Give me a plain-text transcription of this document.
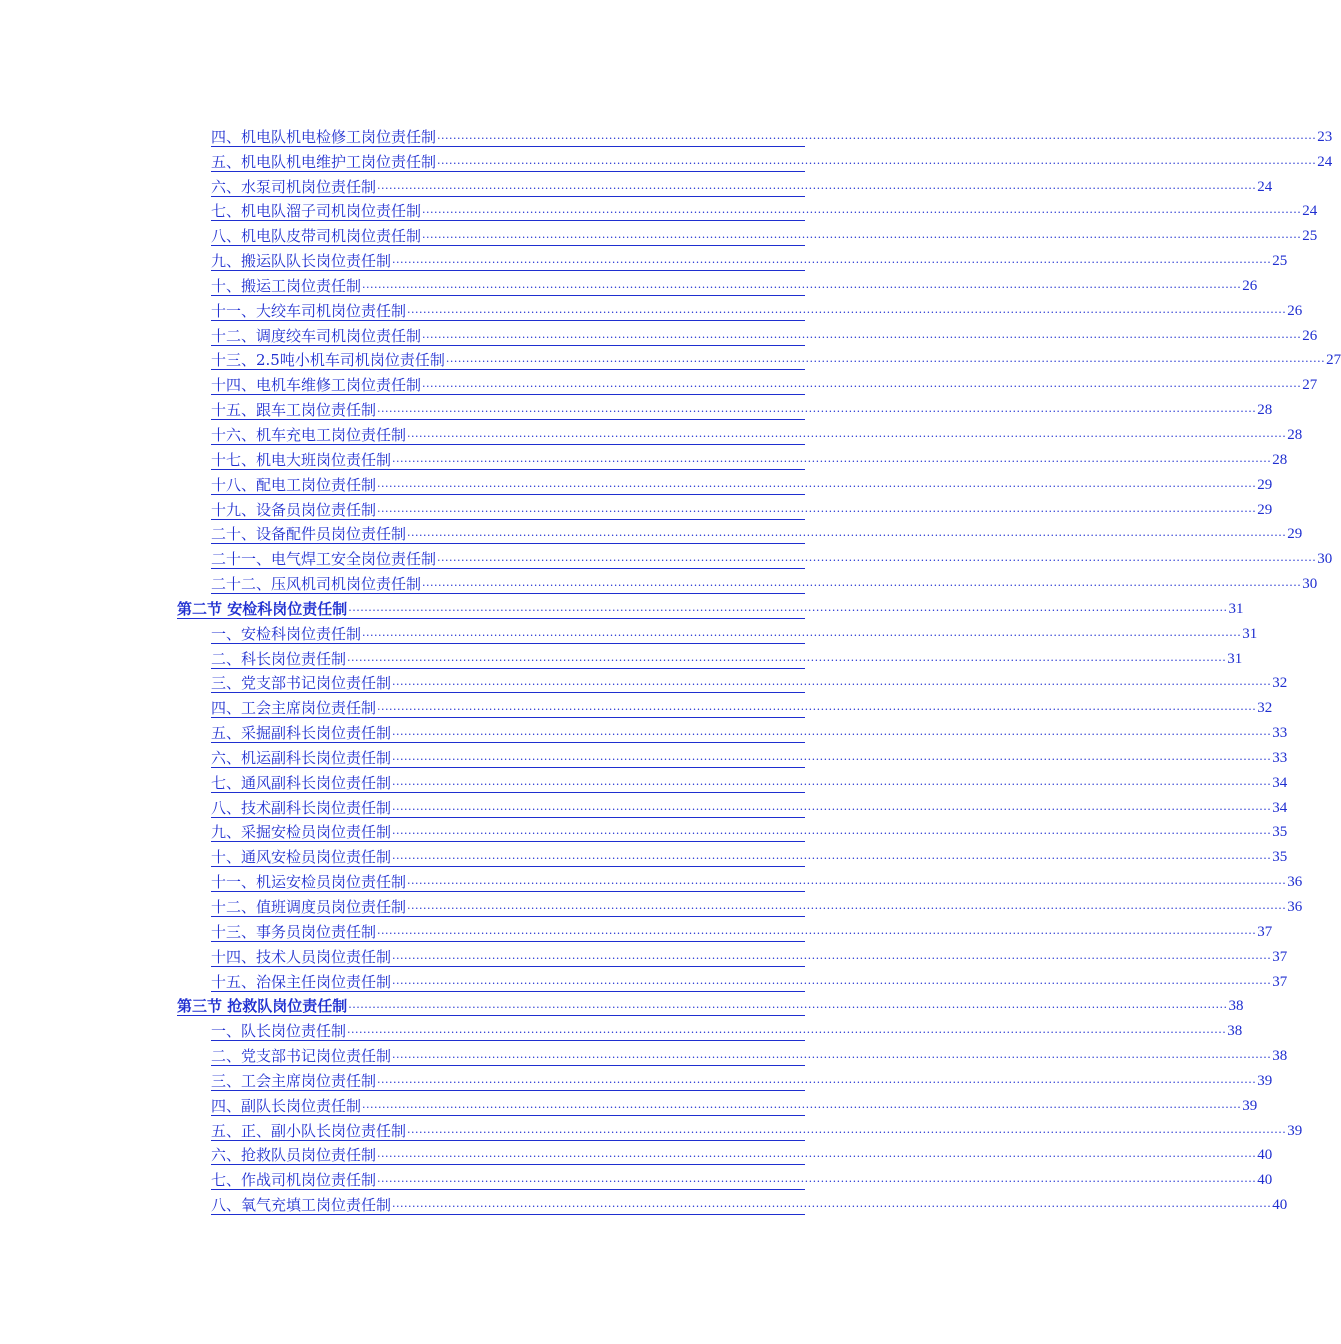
四、机电队机电检修工岗位责任制 ............................................................................................................................................................................................................................ 23
五、机电队机电维护工岗位责任制 ............................................................................................................................................................................................................................ 24
六、水泵司机岗位责任制 ............................................................................................................................................................................................................................ 24
七、机电队溜子司机岗位责任制 ............................................................................................................................................................................................................................ 24
八、机电队皮带司机岗位责任制 ............................................................................................................................................................................................................................ 25
九、搬运队队长岗位责任制 ............................................................................................................................................................................................................................ 25
十、搬运工岗位责任制 ............................................................................................................................................................................................................................ 26
十一、大绞车司机岗位责任制 ............................................................................................................................................................................................................................ 26
十二、调度绞车司机岗位责任制 ............................................................................................................................................................................................................................ 26
十三、2.5吨小机车司机岗位责任制 ............................................................................................................................................................................................................................ 27
十四、电机车维修工岗位责任制 ............................................................................................................................................................................................................................ 27
十五、跟车工岗位责任制 ............................................................................................................................................................................................................................ 28
十六、机车充电工岗位责任制 ............................................................................................................................................................................................................................ 28
十七、机电大班岗位责任制 ............................................................................................................................................................................................................................ 28
十八、配电工岗位责任制 ............................................................................................................................................................................................................................ 29
十九、设备员岗位责任制 ............................................................................................................................................................................................................................ 29
二十、设备配件员岗位责任制 ............................................................................................................................................................................................................................ 29
二十一、电气焊工安全岗位责任制 ............................................................................................................................................................................................................................ 30
二十二、压风机司机岗位责任制 ............................................................................................................................................................................................................................ 30
第二节 安检科岗位责任制 ............................................................................................................................................................................................................................ 31
一、安检科岗位责任制 ............................................................................................................................................................................................................................ 31
二、科长岗位责任制 ............................................................................................................................................................................................................................ 31
三、党支部书记岗位责任制 ............................................................................................................................................................................................................................ 32
四、工会主席岗位责任制 ............................................................................................................................................................................................................................ 32
五、采掘副科长岗位责任制 ............................................................................................................................................................................................................................ 33
六、机运副科长岗位责任制 ............................................................................................................................................................................................................................ 33
七、通风副科长岗位责任制 ............................................................................................................................................................................................................................ 34
八、技术副科长岗位责任制 ............................................................................................................................................................................................................................ 34
九、采掘安检员岗位责任制 ............................................................................................................................................................................................................................ 35
十、通风安检员岗位责任制 ............................................................................................................................................................................................................................ 35
十一、机运安检员岗位责任制 ............................................................................................................................................................................................................................ 36
十二、值班调度员岗位责任制 ............................................................................................................................................................................................................................ 36
十三、事务员岗位责任制 ............................................................................................................................................................................................................................ 37
十四、技术人员岗位责任制 ............................................................................................................................................................................................................................ 37
十五、治保主任岗位责任制 ............................................................................................................................................................................................................................ 37
第三节 抢救队岗位责任制 ............................................................................................................................................................................................................................ 38
一、队长岗位责任制 ............................................................................................................................................................................................................................ 38
二、党支部书记岗位责任制 ............................................................................................................................................................................................................................ 38
三、工会主席岗位责任制 ............................................................................................................................................................................................................................ 39
四、副队长岗位责任制 ............................................................................................................................................................................................................................ 39
五、正、副小队长岗位责任制 ............................................................................................................................................................................................................................ 39
六、抢救队员岗位责任制 ............................................................................................................................................................................................................................ 40
七、作战司机岗位责任制 ............................................................................................................................................................................................................................ 40
八、氧气充填工岗位责任制 ............................................................................................................................................................................................................................ 40
